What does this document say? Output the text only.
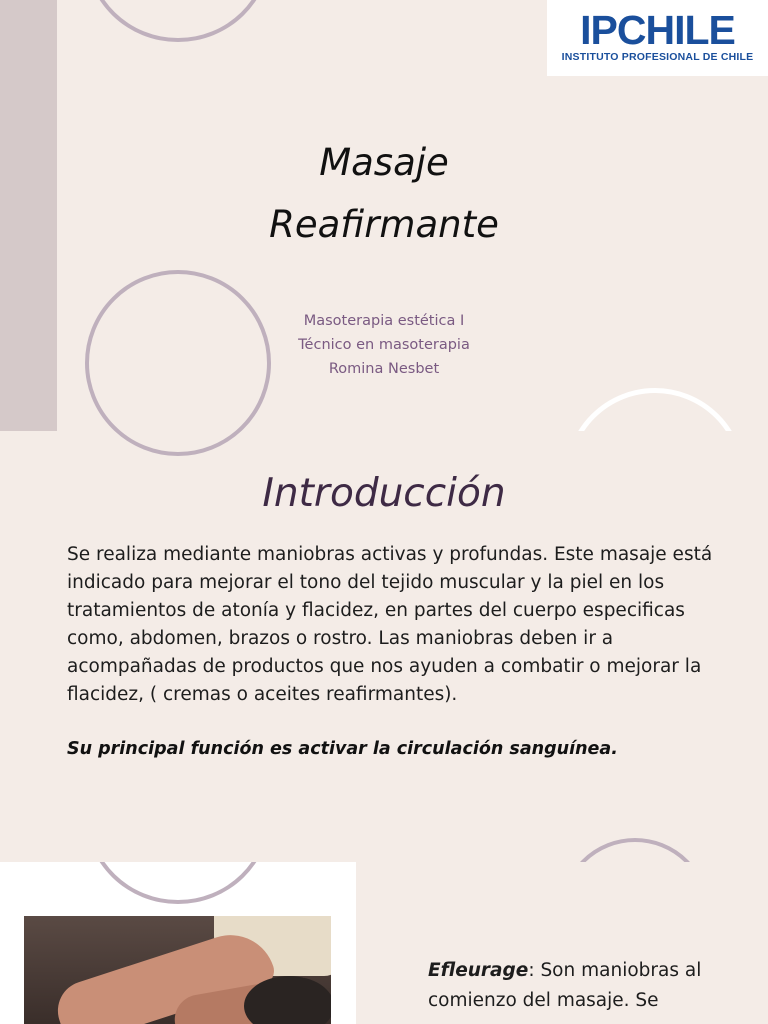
IPCHILE
INSTITUTO PROFESIONAL DE CHILE
Masaje
Reafirmante
Masoterapia estética I
Técnico en masoterapia
Romina Nesbet
Introducción

Se realiza mediante maniobras activas y profundas. Este masaje está indicado para mejorar el tono del tejido muscular y la piel en los tratamientos de atonía y flacidez, en partes del cuerpo especificas como, abdomen, brazos o rostro. Las maniobras deben ir a acompañadas de productos que nos ayuden a combatir o mejorar la flacidez, ( cremas o aceites reafirmantes).

Su principal función es activar la circulación sanguínea.

Efleurage: Son maniobras al comienzo del masaje. Se
